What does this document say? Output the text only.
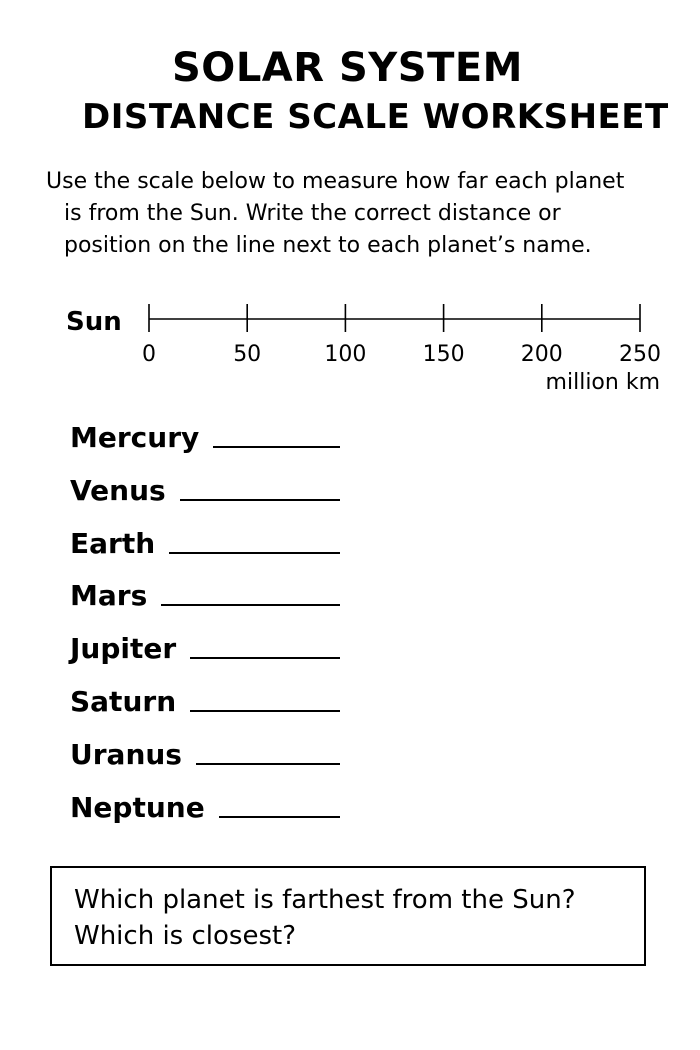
SOLAR SYSTEM
DISTANCE SCALE WORKSHEET

Use the scale below to measure how far each planet
is from the Sun. Write the correct distance or
position on the line next to each planet’s name.

Sun
0	50	100	150	200	250
million km
Mercury
Venus
Earth
Mars
Jupiter
Saturn
Uranus
Neptune

Which planet is farthest from the Sun?
Which is closest?
